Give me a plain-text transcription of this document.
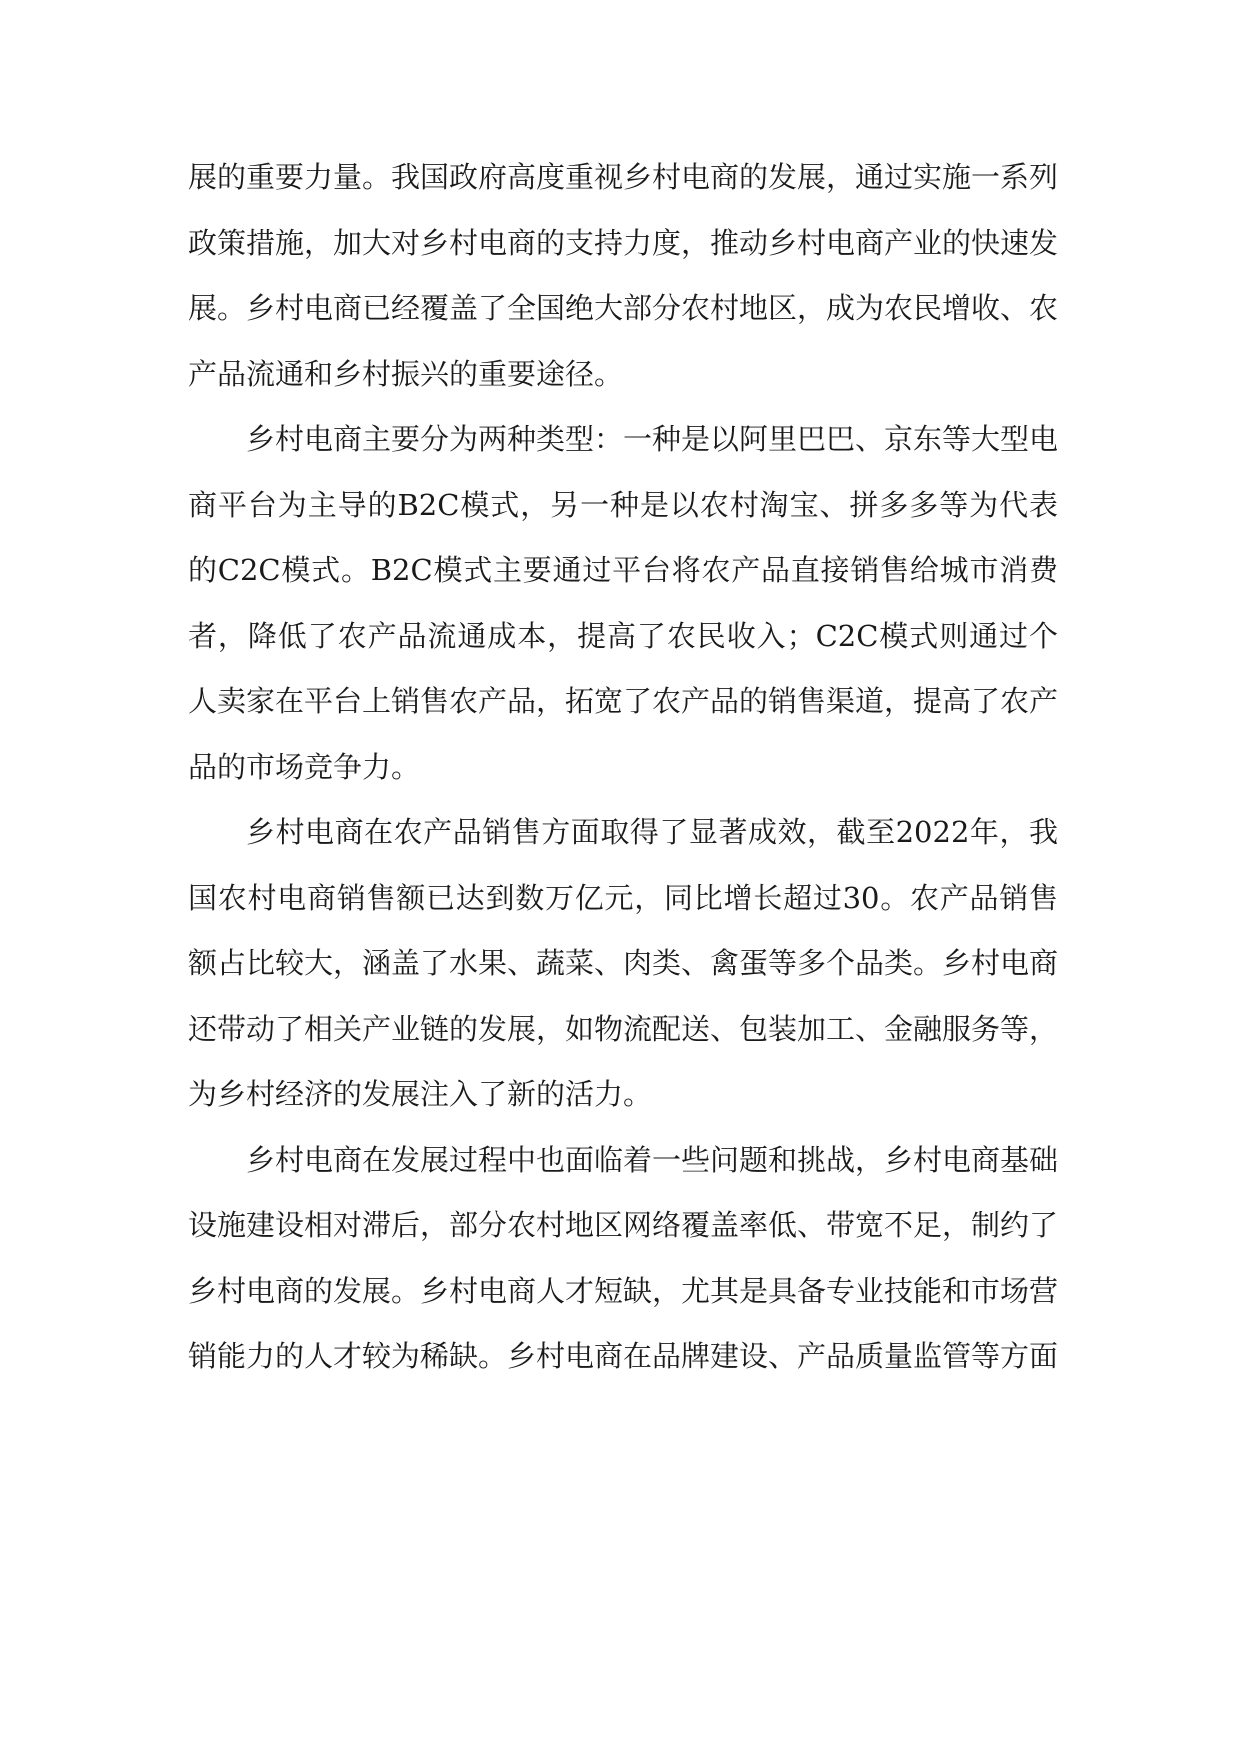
展的重要力量。我国政府高度重视乡村电商的发展，通过实施一系列政策措施，加大对乡村电商的支持力度，推动乡村电商产业的快速发展。乡村电商已经覆盖了全国绝大部分农村地区，成为农民增收、农产品流通和乡村振兴的重要途径。

乡村电商主要分为两种类型：一种是以阿里巴巴、京东等大型电商平台为主导的B2C模式，另一种是以农村淘宝、拼多多等为代表的C2C模式。B2C模式主要通过平台将农产品直接销售给城市消费者，降低了农产品流通成本，提高了农民收入；C2C模式则通过个人卖家在平台上销售农产品，拓宽了农产品的销售渠道，提高了农产品的市场竞争力。

乡村电商在农产品销售方面取得了显著成效，截至2022年，我国农村电商销售额已达到数万亿元，同比增长超过30。农产品销售额占比较大，涵盖了水果、蔬菜、肉类、禽蛋等多个品类。乡村电商还带动了相关产业链的发展，如物流配送、包装加工、金融服务等，为乡村经济的发展注入了新的活力。

乡村电商在发展过程中也面临着一些问题和挑战，乡村电商基础设施建设相对滞后，部分农村地区网络覆盖率低、带宽不足，制约了乡村电商的发展。乡村电商人才短缺，尤其是具备专业技能和市场营销能力的人才较为稀缺。乡村电商在品牌建设、产品质量监管等方面
